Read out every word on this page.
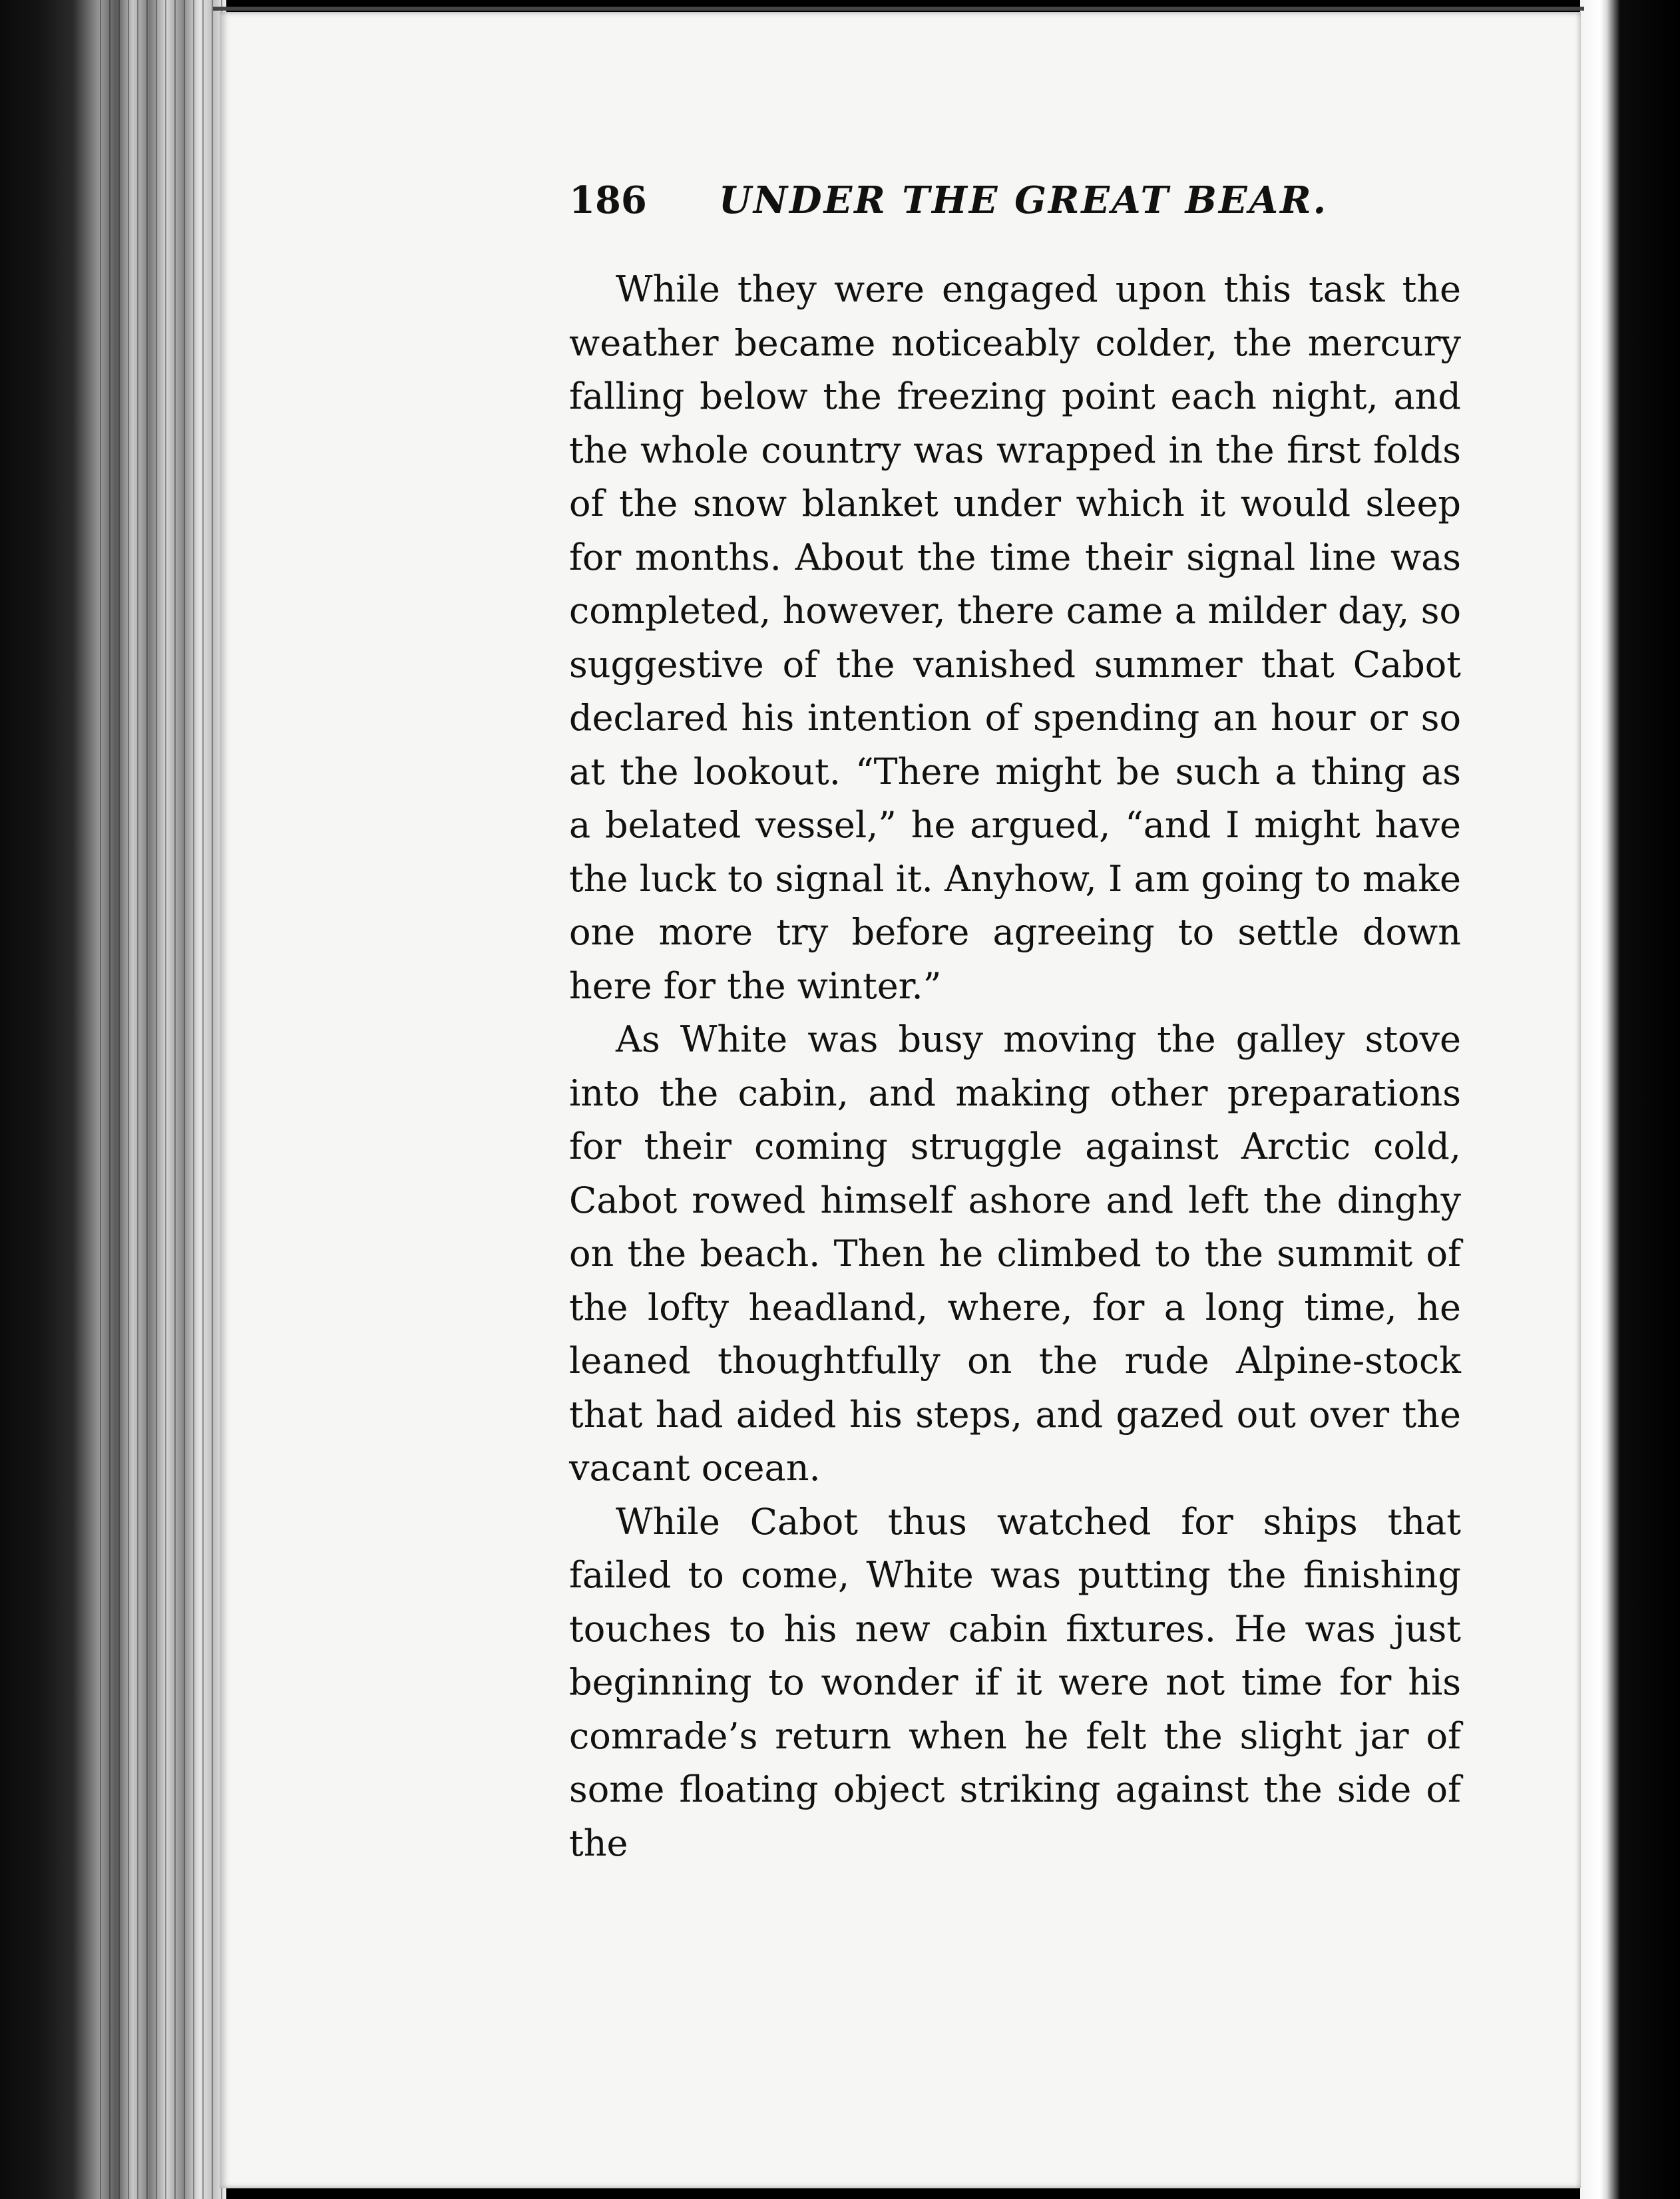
186 UNDER THE GREAT BEAR.

While they were engaged upon this task the weather became noticeably colder, the mercury falling below the freezing point each night, and the whole country was wrapped in the first folds of the snow blanket under which it would sleep for months. About the time their signal line was completed, however, there came a milder day, so suggestive of the vanished summer that Cabot declared his intention of spending an hour or so at the lookout. “There might be such a thing as a belated vessel,” he argued, “and I might have the luck to signal it. Anyhow, I am going to make one more try before agreeing to settle down here for the winter.”

As White was busy moving the galley stove into the cabin, and making other preparations for their coming struggle against Arctic cold, Cabot rowed himself ashore and left the dinghy on the beach. Then he climbed to the summit of the lofty headland, where, for a long time, he leaned thoughtfully on the rude Alpine-stock that had aided his steps, and gazed out over the vacant ocean.

While Cabot thus watched for ships that failed to come, White was putting the finishing touches to his new cabin fixtures. He was just beginning to wonder if it were not time for his comrade’s return when he felt the slight jar of some floating object striking against the side of the
